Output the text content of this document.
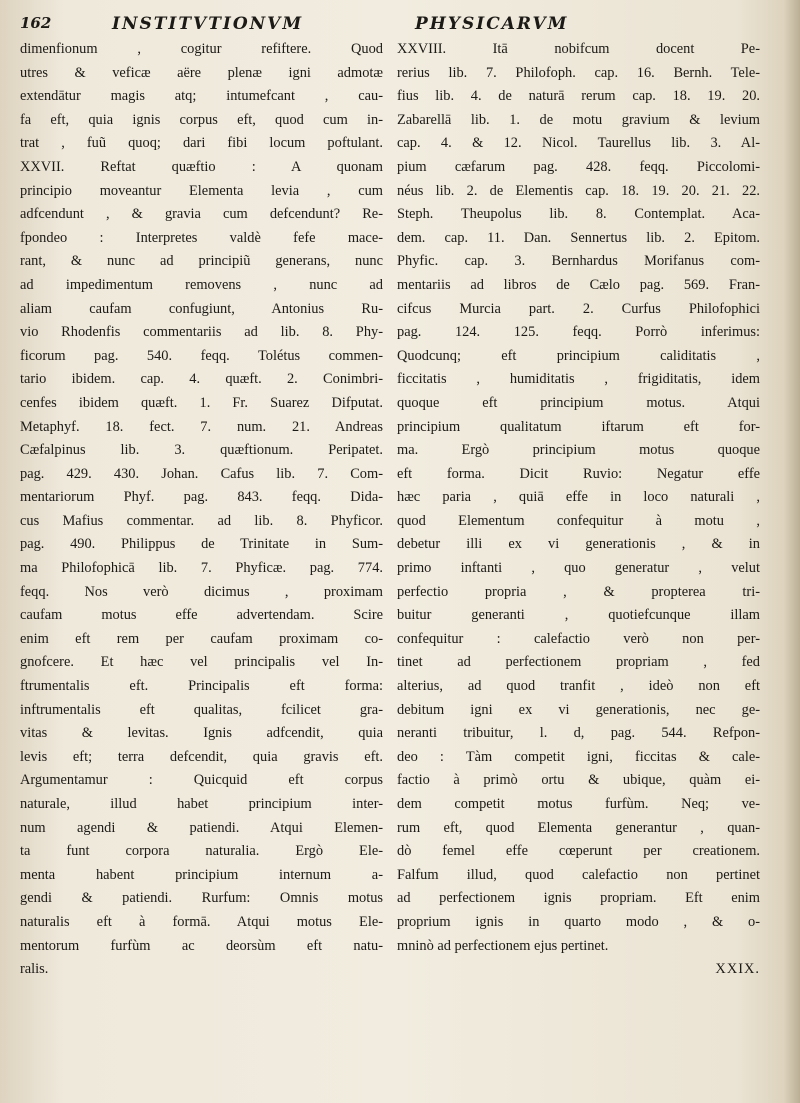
162	INSTITVTIONVM	PHYSICARVM
dimenfionum , cogitur refiftere. Quod
utres & veficæ aëre plenæ igni admotæ
extendātur magis atq; intumefcant , cau-
fa eft, quia ignis corpus eft, quod cum in-
trat , fuũ quoq; dari fibi locum poftulant.
XXVII. Reftat quæftio : A quonam
principio moveantur Elementa levia , cum
adfcendunt , & gravia cum defcendunt? Re-
fpondeo : Interpretes valdè fefe mace-
rant, & nunc ad principiũ generans, nunc
ad impedimentum removens , nunc ad
aliam caufam confugiunt, Antonius Ru-
vio Rhodenfis commentariis ad lib. 8. Phy-
ficorum pag. 540. feqq. Tolétus commen-
tario ibidem. cap. 4. quæft. 2. Conimbri-
cenfes ibidem quæft. 1. Fr. Suarez Difputat.
Metaphyf. 18. fect. 7. num. 21. Andreas
Cæfalpinus lib. 3. quæftionum. Peripatet.
pag. 429. 430. Johan. Cafus lib. 7. Com-
mentariorum Phyf. pag. 843. feqq. Dida-
cus Mafius commentar. ad lib. 8. Phyficor.
pag. 490. Philippus de Trinitate in Sum-
ma Philofophicā lib. 7. Phyficæ. pag. 774.
feqq. Nos verò dicimus , proximam
caufam motus effe advertendam. Scire
enim eft rem per caufam proximam co-
gnofcere. Et hæc vel principalis vel In-
ftrumentalis eft. Principalis eft forma:
inftrumentalis eft qualitas, fcilicet gra-
vitas & levitas. Ignis adfcendit, quia
levis eft; terra defcendit, quia gravis eft.
Argumentamur : Quicquid eft corpus
naturale, illud habet principium inter-
num agendi & patiendi. Atqui Elemen-
ta funt corpora naturalia. Ergò Ele-
menta habent principium internum a-
gendi & patiendi. Rurfum: Omnis motus
naturalis eft à formā. Atqui motus Ele-
mentorum furfùm ac deorsùm eft natu-
ralis.
XXVIII. Itā nobifcum docent Pe-
rerius lib. 7. Philofoph. cap. 16. Bernh. Tele-
fius lib. 4. de naturā rerum cap. 18. 19. 20.
Zabarellā lib. 1. de motu gravium & levium
cap. 4. & 12. Nicol. Taurellus lib. 3. Al-
pium cæfarum pag. 428. feqq. Piccolomi-
néus lib. 2. de Elementis cap. 18. 19. 20. 21. 22.
Steph. Theupolus lib. 8. Contemplat. Aca-
dem. cap. 11. Dan. Sennertus lib. 2. Epitom.
Phyfic. cap. 3. Bernhardus Morifanus com-
mentariis ad libros de Cælo pag. 569. Fran-
cifcus Murcia part. 2. Curfus Philofophici
pag. 124. 125. feqq. Porrò inferimus:
Quodcunq; eft principium caliditatis ,
ficcitatis , humiditatis , frigiditatis, idem
quoque eft principium motus. Atqui
principium qualitatum iftarum eft for-
ma. Ergò principium motus quoque
eft forma. Dicit Ruvio: Negatur effe
hæc paria , quiā effe in loco naturali ,
quod Elementum confequitur à motu ,
debetur illi ex vi generationis , & in
primo inftanti , quo generatur , velut
perfectio propria , & propterea tri-
buitur generanti , quotiefcunque illam
confequitur : calefactio verò non per-
tinet ad perfectionem propriam , fed
alterius, ad quod tranfit , ideò non eft
debitum igni ex vi generationis, nec ge-
neranti tribuitur, l. d, pag. 544. Refpon-
deo : Tàm competit igni, ficcitas & cale-
factio à primò ortu & ubique, quàm ei-
dem competit motus furfùm. Neq; ve-
rum eft, quod Elementa generantur , quan-
dò femel effe cœperunt per creationem.
Falfum illud, quod calefactio non pertinet
ad perfectionem ignis propriam. Eft enim
proprium ignis in quarto modo , & o-
mninò ad perfectionem ejus pertinet.
XXIX.
